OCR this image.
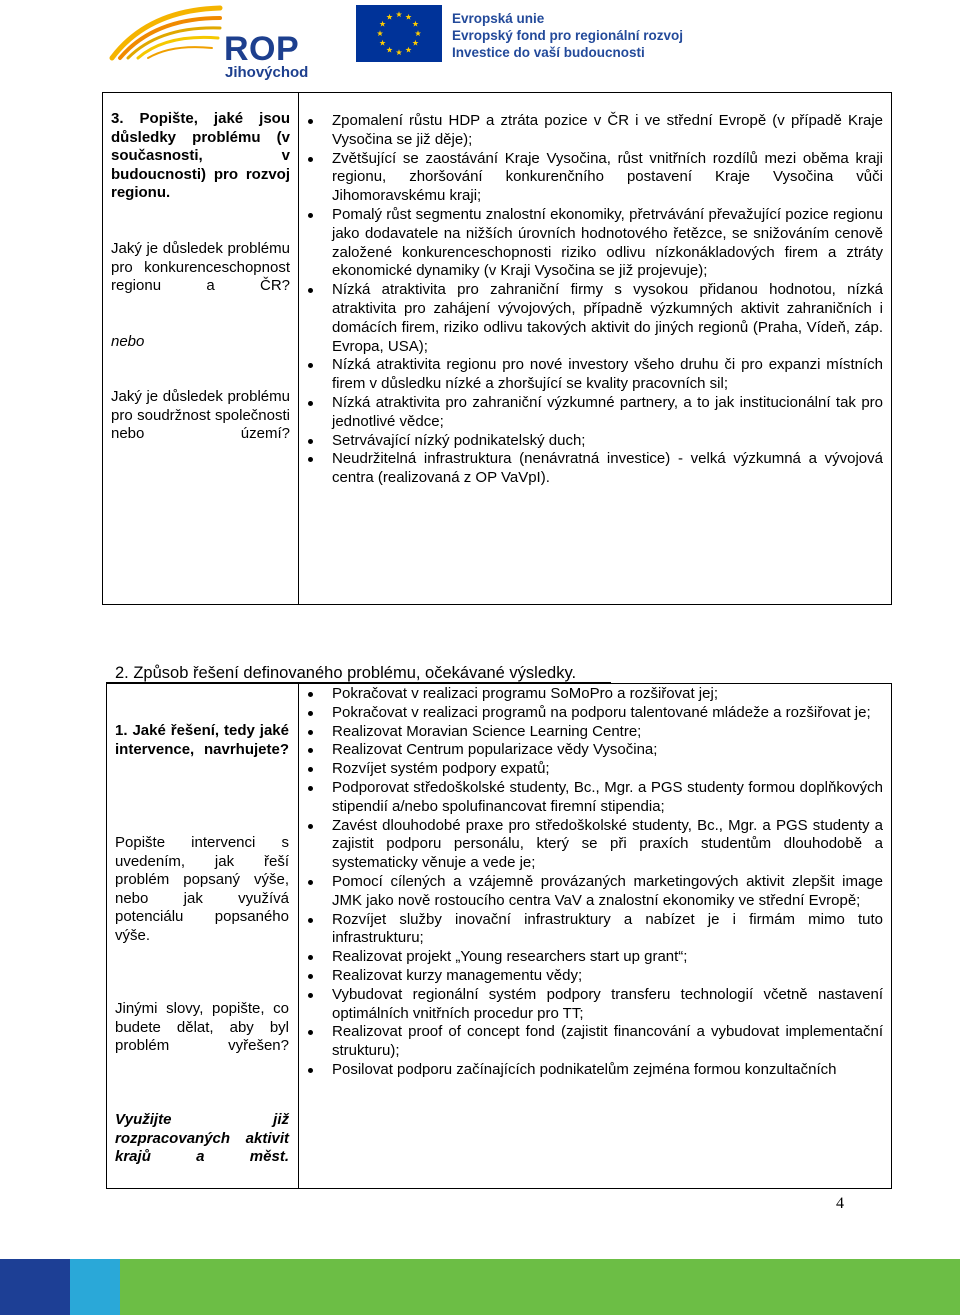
ROP
Jihovýchod
Evropská unie
Evropský fond pro regionální rozvoj
Investice do vaší budoucnosti
3. Popište, jaké jsou důsledky problému (v současnosti, v budoucnosti) pro rozvoj regionu.
Jaký je důsledek problému pro konkurenceschopnost regionu a ČR?
nebo
Jaký je důsledek problému pro soudržnost společnosti nebo území?
Zpomalení růstu HDP a ztráta pozice v ČR i ve střední Evropě (v případě Kraje Vysočina se již děje);
Zvětšující se zaostávání Kraje Vysočina, růst vnitřních rozdílů mezi oběma kraji regionu, zhoršování konkurenčního postavení Kraje Vysočina vůči Jihomoravskému kraji;
Pomalý růst segmentu znalostní ekonomiky, přetrvávání převažující pozice regionu jako dodavatele na nižších úrovních hodnotového řetězce, se snižováním cenově založené konkurenceschopnosti riziko odlivu nízkonákladových firem a ztráty ekonomické dynamiky (v Kraji Vysočina se již projevuje);
Nízká atraktivita pro zahraniční firmy s vysokou přidanou hodnotou, nízká atraktivita pro zahájení vývojových, případně výzkumných aktivit zahraničních i domácích firem, riziko odlivu takových aktivit do jiných regionů (Praha, Vídeň, záp. Evropa, USA);
Nízká atraktivita regionu pro nové investory všeho druhu či pro expanzi místních firem v důsledku nízké a zhoršující se kvality pracovních sil;
Nízká atraktivita pro zahraniční výzkumné partnery, a to jak institucionální tak pro jednotlivé vědce;
Setrvávající nízký podnikatelský duch;
Neudržitelná infrastruktura (nenávratná investice) - velká výzkumná a vývojová centra (realizovaná z OP VaVpI).
2. Způsob řešení definovaného problému, očekávané výsledky.
1. Jaké řešení, tedy jaké intervence, navrhujete?
Popište intervenci s uvedením, jak řeší problém popsaný výše, nebo jak využívá potenciálu popsaného výše.
Jinými slovy, popište, co budete dělat, aby byl problém vyřešen?
Využijte již rozpracovaných aktivit krajů a měst.
Pokračovat v realizaci programu SoMoPro a rozšiřovat jej;
Pokračovat v realizaci programů na podporu talentované mládeže a rozšiřovat je;
Realizovat Moravian Science Learning Centre;
Realizovat Centrum popularizace vědy Vysočina;
Rozvíjet systém podpory expatů;
Podporovat středoškolské studenty, Bc., Mgr. a PGS studenty formou doplňkových stipendií a/nebo spolufinancovat firemní stipendia;
Zavést dlouhodobé praxe pro středoškolské studenty, Bc., Mgr. a PGS studenty a zajistit podporu personálu, který se při praxích studentům dlouhodobě a systematicky věnuje a vede je;
Pomocí cílených a vzájemně provázaných marketingových aktivit zlepšit image JMK jako nově rostoucího centra VaV a znalostní ekonomiky ve střední Evropě;
Rozvíjet služby inovační infrastruktury a nabízet je i firmám mimo tuto infrastrukturu;
Realizovat projekt „Young researchers start up grant“;
Realizovat kurzy managementu vědy;
Vybudovat regionální systém podpory transferu technologií včetně nastavení optimálních vnitřních procedur pro TT;
Realizovat proof of concept fond (zajistit financování a vybudovat implementační strukturu);
Posilovat podporu začínajících podnikatelům zejména formou konzultačních
4
